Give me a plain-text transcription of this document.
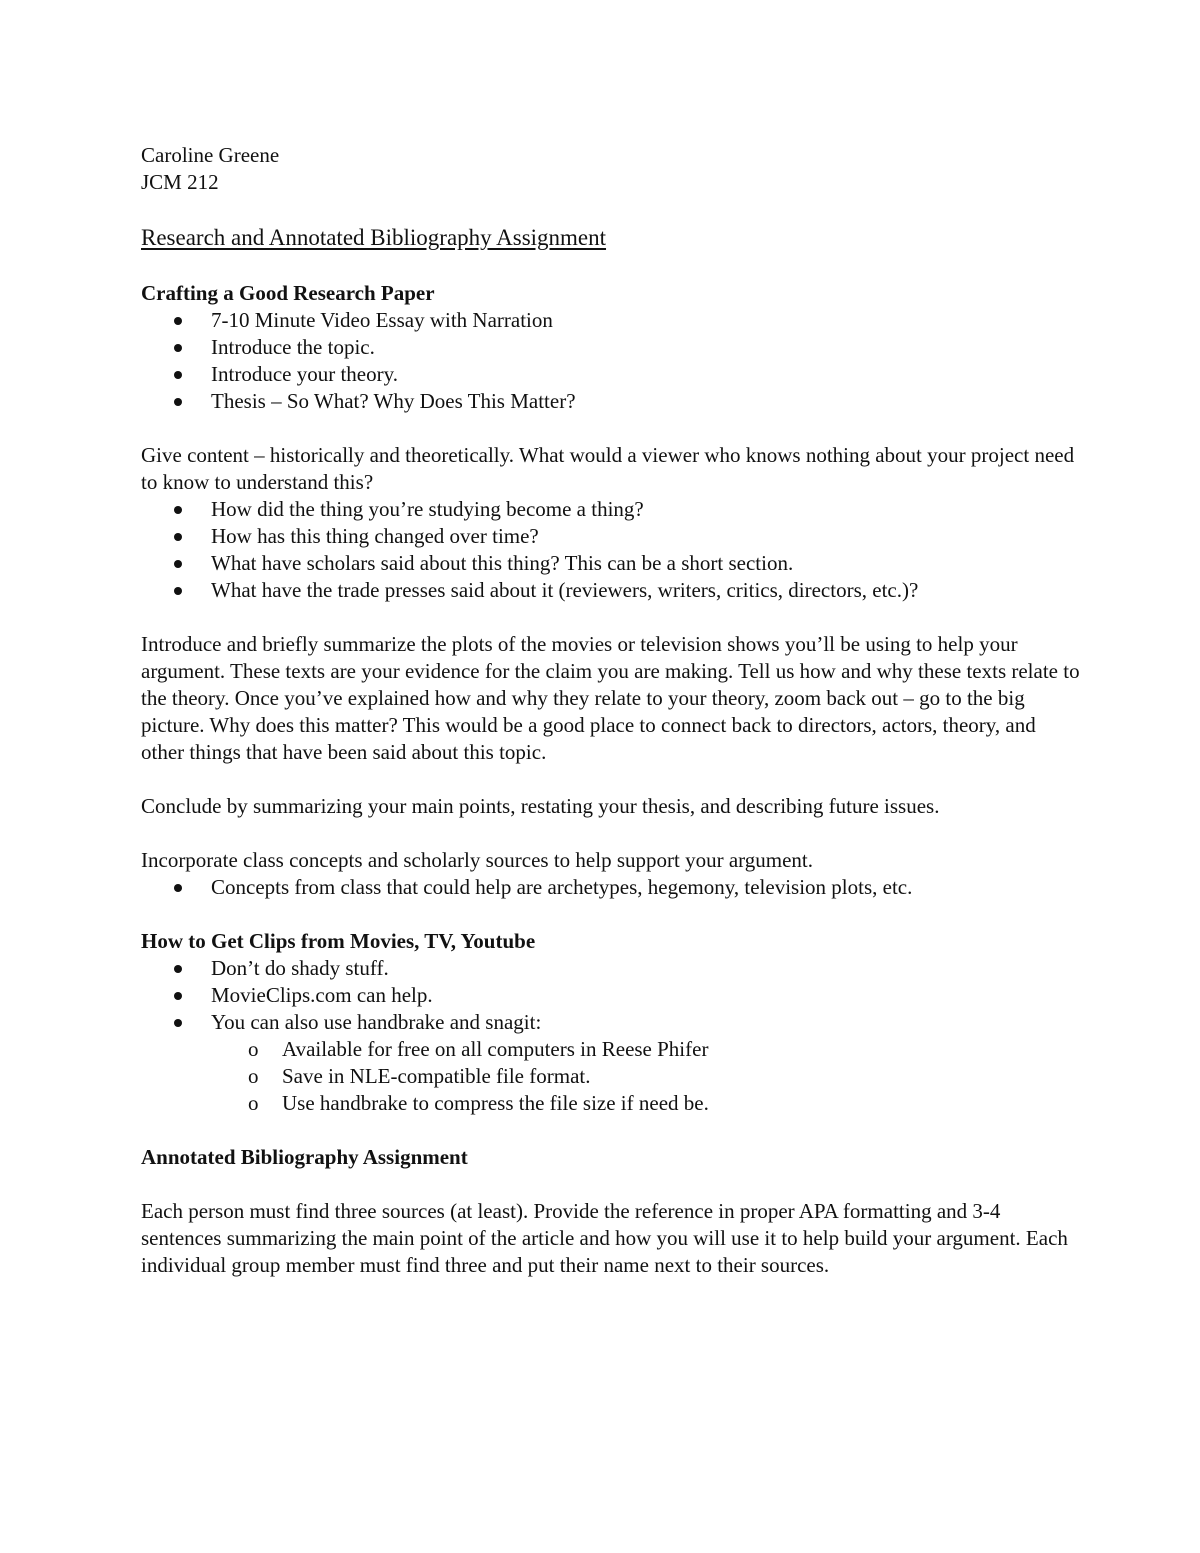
Caroline Greene

JCM 212

Research and Annotated Bibliography Assignment

Crafting a Good Research Paper

7-10 Minute Video Essay with Narration
Introduce the topic.
Introduce your theory.
Thesis – So What? Why Does This Matter?

Give content – historically and theoretically. What would a viewer who knows nothing about your project need to know to understand this?

How did the thing you’re studying become a thing?
How has this thing changed over time?
What have scholars said about this thing? This can be a short section.
What have the trade presses said about it (reviewers, writers, critics, directors, etc.)?

Introduce and briefly summarize the plots of the movies or television shows you’ll be using to help your argument. These texts are your evidence for the claim you are making. Tell us how and why these texts relate to the theory. Once you’ve explained how and why they relate to your theory, zoom back out – go to the big picture. Why does this matter? This would be a good place to connect back to directors, actors, theory, and other things that have been said about this topic.

Conclude by summarizing your main points, restating your thesis, and describing future issues.

Incorporate class concepts and scholarly sources to help support your argument.

Concepts from class that could help are archetypes, hegemony, television plots, etc.

How to Get Clips from Movies, TV, Youtube

Don’t do shady stuff.
MovieClips.com can help.
You can also use handbrake and snagit:
o Available for free on all computers in Reese Phifer
o Save in NLE-compatible file format.
o Use handbrake to compress the file size if need be.

Annotated Bibliography Assignment

Each person must find three sources (at least). Provide the reference in proper APA formatting and 3-4 sentences summarizing the main point of the article and how you will use it to help build your argument. Each individual group member must find three and put their name next to their sources.
